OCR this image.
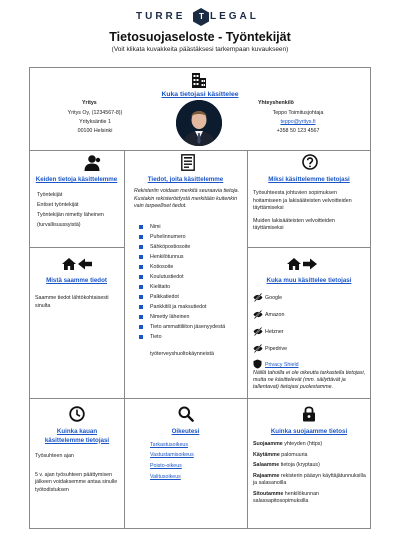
TURRE T LEGAL
Tietosuojaseloste - Työntekijät
(Voit klikata kuvakkeita päästäksesi tarkempaan kuvaukseen)
Kuka tietojasi käsittelee
Yritys
Yritys Oy, (1234567-8))
Yrityksäntie 1
00100 Helsinki
Yhteyshenkilö
Teppo Toimitusjohtaja
teppo@yritys.fi
+358 50 123 4567
Keiden tietoja käsittelemme
Työntekijät
Entiset työntekijät
Työntekijän nimetty läheinen
(turvallisuussyistä)
Tiedot, joita käsittelemme
Rekisteriin voidaan merkitä seuraavia tietoja. Kustakin rekisteröidystä merkitään kuitenkin vain tarpeelliset tiedot.
Nimi
Puhelinnumero
Sähköpostiosoite
Henkilötunnus
Kotiosoite
Koulutustiedot
Kielitaito
Palkkatiedot
Pankkitili ja maksutiedot
Nimetty läheinen
Tieto ammattiliiton jäsenyydestä
Tieto
työterveyshuoltokäynneistä
Miksi käsittelemme tietojasi

Työsuhteesta johtuvien sopimuksen hoitamiseen ja lakisääteisten velvoitteiden täyttämiseksi

Muiden lakisääteisten velvoitteiden täyttämiseksi

Mistä saamme tiedot
Saamme tiedot lähtökohtaisesti sinulta
Kuka muu käsittelee tietojasi
Google
Amazon
Hetzner
Pipedrive
Privacy Shield
Näillä tahoilla ei ole oikeutta tarkastella tietojasi, mutta ne käsittelevät (mm. säilyttävät ja tallentavat) tietojasi puolestamme.
Kuinka kauan käsittelemme tietojasi

Työsuhteen ajan

5 v. ajan työsuhteen päättymisen jälkeen voidaksemme antaa sinulle työtodistuksen

Oikeutesi
Tarkastusoikeus
Vastustamisoikeus
Poisto-oikeus
Valitusoikeus
Kuinka suojaamme tietosi
Suojaamme yhteyden (https)
Käytämme palomuuria
Salaamme tietoja (kryptaus)
Rajaamme rekisterin pääsyn käyttäjätunnuksilla ja salasanoilla
Sitoutamme henkilökunnan salassapitosopimuksilla
